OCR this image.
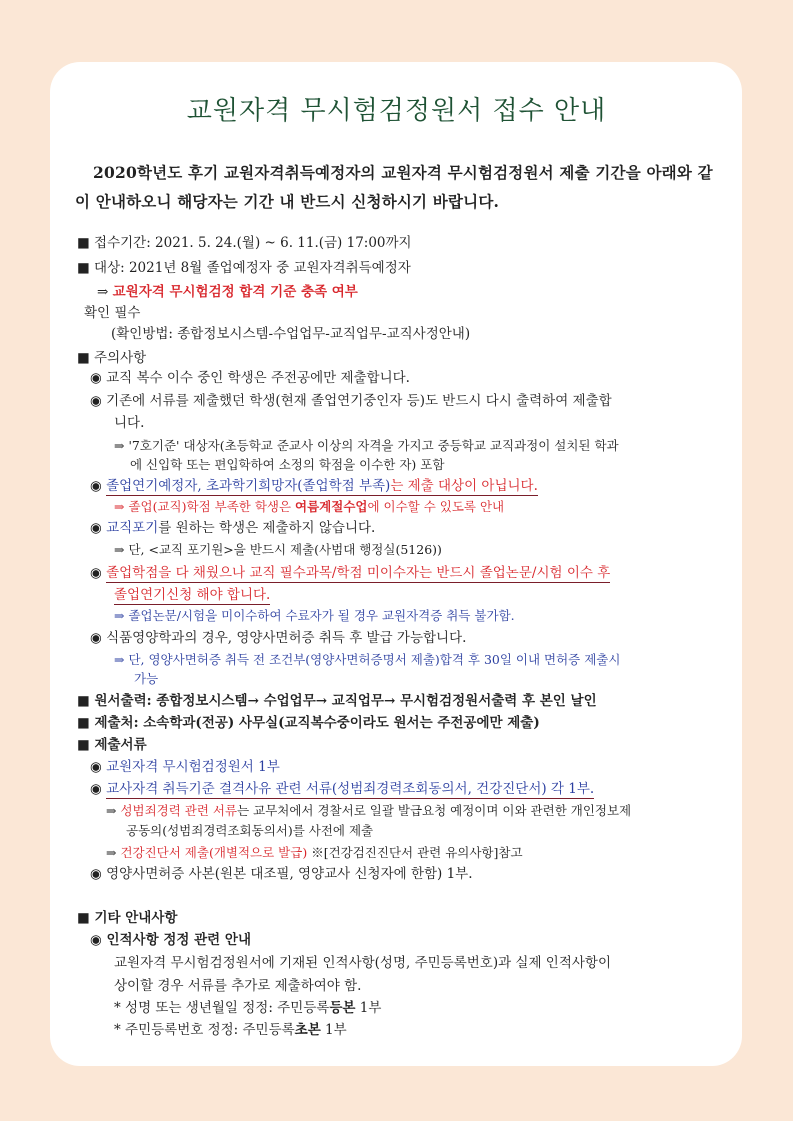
교원자격 무시험검정원서 접수 안내
2020학년도 후기 교원자격취득예정자의 교원자격 무시험검정원서 제출 기간을 아래와 같이 안내하오니 해당자는 기간 내 반드시 신청하시기 바랍니다.
■ 접수기간: 2021. 5. 24.(월) ~ 6. 11.(금) 17:00까지
■ 대상: 2021년 8월 졸업예정자 중 교원자격취득예정자
⇒ 교원자격 무시험검정 합격 기준 충족 여부
확인 필수
(확인방법: 종합정보시스템-수업업무-교직업무-교직사정안내)
■ 주의사항
◉ 교직 복수 이수 중인 학생은 주전공에만 제출합니다.
◉ 기존에 서류를 제출했던 학생(현재 졸업연기중인자 등)도 반드시 다시 출력하여 제출합
니다.
⇒ '7호기준' 대상자(초등학교 준교사 이상의 자격을 가지고 중등학교 교직과정이 설치된 학과
에 신입학 또는 편입학하여 소정의 학점을 이수한 자) 포함
◉ 졸업연기예정자, 초과학기희망자(졸업학점 부족)는 제출 대상이 아닙니다.
⇒ 졸업(교직)학점 부족한 학생은 여름계절수업에 이수할 수 있도록 안내
◉ 교직포기를 원하는 학생은 제출하지 않습니다.
⇒ 단, <교직 포기원>을 반드시 제출(사범대 행정실(5126))
◉ 졸업학점을 다 채웠으나 교직 필수과목/학점 미이수자는 반드시 졸업논문/시험 이수 후
졸업연기신청 해야 합니다.
⇒ 졸업논문/시험을 미이수하여 수료자가 될 경우 교원자격증 취득 불가함.
◉ 식품영양학과의 경우, 영양사면허증 취득 후 발급 가능합니다.
⇒ 단, 영양사면허증 취득 전 조건부(영양사면허증명서 제출)합격 후 30일 이내 면허증 제출시
가능
■ 원서출력: 종합정보시스템→ 수업업무→ 교직업무→ 무시험검정원서출력 후 본인 날인
■ 제출처: 소속학과(전공) 사무실(교직복수중이라도 원서는 주전공에만 제출)
■ 제출서류
◉ 교원자격 무시험검정원서 1부
◉ 교사자격 취득기준 결격사유 관련 서류(성범죄경력조회동의서, 건강진단서) 각 1부.
⇒ 성범죄경력 관련 서류는 교무처에서 경찰서로 일괄 발급요청 예정이며 이와 관련한 개인정보제
공동의(성범죄경력조회동의서)를 사전에 제출
⇒ 건강진단서 제출(개별적으로 발급) ※[건강검진진단서 관련 유의사항]참고
◉ 영양사면허증 사본(원본 대조필, 영양교사 신청자에 한함) 1부.
■ 기타 안내사항
◉ 인적사항 정정 관련 안내
교원자격 무시험검정원서에 기재된 인적사항(성명, 주민등록번호)과 실제 인적사항이
상이할 경우 서류를 추가로 제출하여야 함.
* 성명 또는 생년월일 정정: 주민등록등본 1부
* 주민등록번호 정정: 주민등록초본 1부
